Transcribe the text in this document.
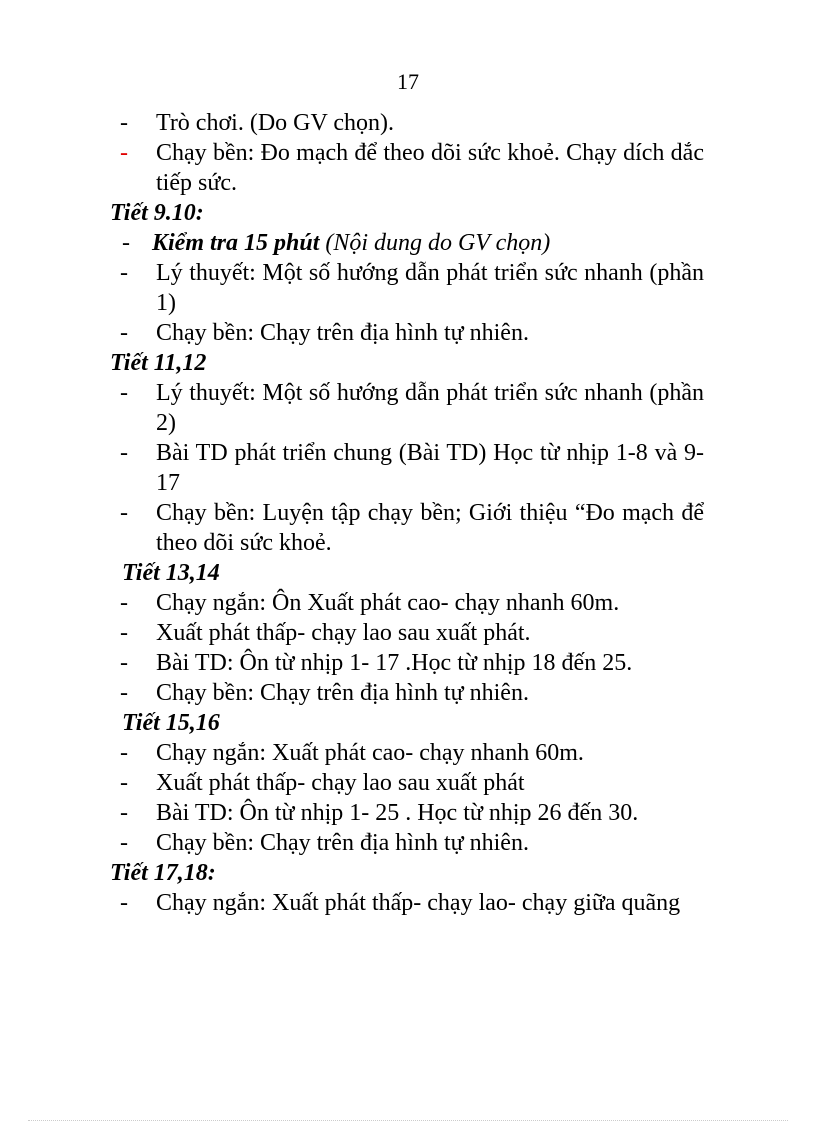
17
- Trò chơi. (Do GV chọn).
- Chạy bền: Đo mạch để theo dõi sức khoẻ. Chạy dích dắc tiếp sức.
Tiết 9.10:
- Kiểm tra 15 phút (Nội dung do GV chọn)
- Lý thuyết: Một số hướng dẫn phát triển sức nhanh (phần 1)
- Chạy bền: Chạy trên địa hình tự nhiên.
Tiết 11,12
- Lý thuyết: Một số hướng dẫn phát triển sức nhanh (phần 2)
- Bài TD phát triển chung (Bài TD) Học từ nhịp 1-8 và 9-17
- Chạy bền: Luyện tập chạy bền; Giới thiệu “Đo mạch để theo dõi sức khoẻ.
Tiết 13,14
- Chạy ngắn: Ôn Xuất phát cao- chạy nhanh 60m.
- Xuất phát thấp- chạy lao sau xuất phát.
- Bài TD: Ôn từ nhịp 1- 17 .Học từ nhịp 18 đến 25.
- Chạy bền: Chạy trên địa hình tự nhiên.
Tiết 15,16
- Chạy ngắn: Xuất phát cao- chạy nhanh 60m.
- Xuất phát thấp- chạy lao sau xuất phát
- Bài TD: Ôn từ nhịp 1- 25 . Học từ nhịp 26 đến 30.
- Chạy bền: Chạy trên địa hình tự nhiên.
Tiết 17,18:
- Chạy ngắn: Xuất phát thấp- chạy lao- chạy giữa quãng
